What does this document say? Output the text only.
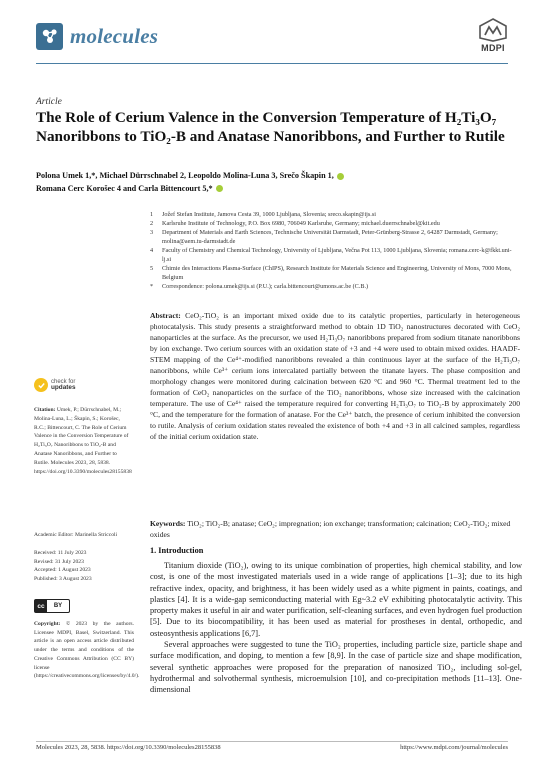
molecules
MDPI
Article
The Role of Cerium Valence in the Conversion Temperature of H₂Ti₃O₇ Nanoribbons to TiO₂-B and Anatase Nanoribbons, and Further to Rutile
Polona Umek 1,*, Michael Dürrschnabel 2, Leopoldo Molina-Luna 3, Srečo Škapin 1,
Romana Cerc Korošec 4 and Carla Bittencourt 5,*
1	Jožef Stefan Institute, Jamova Cesta 39, 1000 Ljubljana, Slovenia; sreco.skapin@ijs.si
2	Karlsruhe Institute of Technology, P.O. Box 6980, 706049 Karlsruhe, Germany; michael.duerrschnabel@kit.edu
3	Department of Materials and Earth Sciences, Technische Universität Darmstadt, Peter-Grünberg-Strasse 2, 64287 Darmstadt, Germany; molina@aem.tu-darmstadt.de
4	Faculty of Chemistry and Chemical Technology, University of Ljubljana, Večna Pot 113, 1000 Ljubljana, Slovenia; romana.cerc-k@fkkt.uni-lj.si
5	Chimie des Interactions Plasma-Surface (ChIPS), Research Institute for Materials Science and Engineering, University of Mons, 7000 Mons, Belgium
*	Correspondence: polona.umek@ijs.si (P.U.); carla.bittencourt@umons.ac.be (C.B.)
Abstract: CeO₂-TiO₂ is an important mixed oxide due to its catalytic properties, particularly in heterogeneous photocatalysis. This study presents a straightforward method to obtain 1D TiO₂ nanostructures decorated with CeO₂ nanoparticles at the surface. As the precursor, we used H₂Ti₃O₇ nanoribbons prepared from sodium titanate nanoribbons by ion exchange. Two cerium sources with an oxidation state of +3 and +4 were used to obtain mixed oxides. HAADF-STEM mapping of the Ce⁴⁺-modified nanoribbons revealed a thin continuous layer at the surface of the H₂Ti₃O₇ nanoribbons, while Ce³⁺ cerium ions intercalated partially between the titanate layers. The phase composition and morphology changes were monitored during calcination between 620 °C and 960 °C. Thermal treatment led to the formation of CeO₂ nanoparticles on the surface of the TiO₂ nanoribbons, whose size increased with the calcination temperature. The use of Ce⁴⁺ raised the temperature required for converting H₂Ti₃O₇ to TiO₂-B by approximately 200 °C, and the temperature for the formation of anatase. For the Ce³⁺ batch, the presence of cerium inhibited the conversion to rutile. Analysis of cerium oxidation states revealed the existence of both +4 and +3 in all calcined samples, regardless of the initial cerium oxidation state.
Keywords: TiO₂; TiO₂-B; anatase; CeO₂; impregnation; ion exchange; transformation; calcination; CeO₂-TiO₂; mixed oxides
check for
updates
Citation: Umek, P.; Dürrschnabel, M.; Molina-Luna, L.; Škapin, S.; Korošec, R.C.; Bittencourt, C. The Role of Cerium Valence in the Conversion Temperature of H₂Ti₃O₇ Nanoribbons to TiO₂-B and Anatase Nanoribbons, and Further to Rutile. Molecules 2023, 28, 5838. https://doi.org/10.3390/molecules28155838
Academic Editor: Marinella Striccoli
Received: 11 July 2023
Revised: 31 July 2023
Accepted: 1 August 2023
Published: 3 August 2023
cc	BY
Copyright: © 2023 by the authors. Licensee MDPI, Basel, Switzerland. This article is an open access article distributed under the terms and conditions of the Creative Commons Attribution (CC BY) license (https://creativecommons.org/licenses/by/4.0/).
1. Introduction

Titanium dioxide (TiO₂), owing to its unique combination of properties, high chemical stability, and low cost, is one of the most investigated materials used in a wide range of applications [1–3]; due to its high refractive index, opacity, and brightness, it has been widely used as a white pigment in paints, coatings, and plastics [4]. It is a wide-gap semiconducting material with Eg~3.2 eV exhibiting photocatalytic activity. This property makes it useful in air and water purification, self-cleaning surfaces, and even hydrogen fuel production [5]. Due to its biocompatibility, it has been used as material for prostheses in dental, orthopedic, and osteosynthesis applications [6,7].

Several approaches were suggested to tune the TiO₂ properties, including particle size, particle shape and surface modification, and doping, to mention a few [8,9]. In the case of particle size and shape modification, several synthetic approaches were proposed for the preparation of nanosized TiO₂, including sol-gel, hydrothermal and solvothermal synthesis, microemulsion [10], and co-precipitation methods [11–13]. One-dimensional

Molecules 2023, 28, 5838. https://doi.org/10.3390/molecules28155838	https://www.mdpi.com/journal/molecules
